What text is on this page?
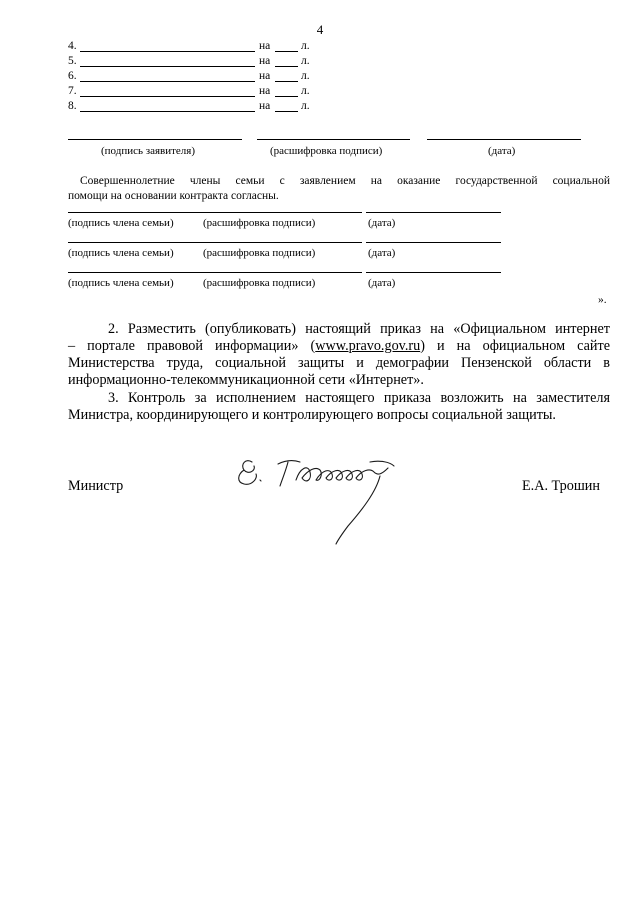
4
4.	на	л.
5.	на	л.
6.	на	л.
7.	на	л.
8.	на	л.
(подпись заявителя)	(расшифровка подписи)	(дата)
Совершеннолетние члены семьи с заявлением на оказание государственной социальной
помощи на основании контракта согласны.
(подпись члена семьи)	(расшифровка подписи)	(дата)
(подпись члена семьи)	(расшифровка подписи)	(дата)
(подпись члена семьи)	(расшифровка подписи)	(дата)
».
2. Разместить (опубликовать) настоящий приказ на «Официальном интернет
– портале правовой информации» (www.pravo.gov.ru) и на официальном сайте
Министерства труда, социальной защиты и демографии Пензенской области в
информационно-телекоммуникационной сети «Интернет».
3. Контроль за исполнением настоящего приказа возложить на заместителя
Министра, координирующего и контролирующего вопросы социальной защиты.
Министр	Е.А. Трошин
